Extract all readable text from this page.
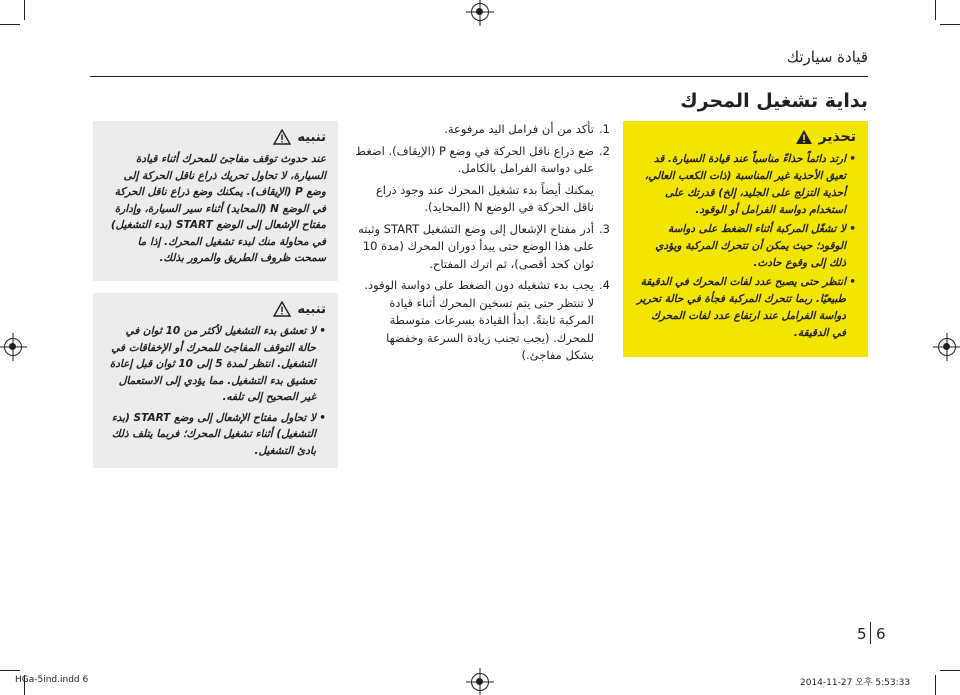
قيادة سيارتك
بداية تشغيل المحرك
تحذير
• ارتد دائماً حذاءً مناسباً عند قيادة السيارة. قد تعيق الأحذية غير المناسبة (ذات الكعب العالي، أحذية التزلج على الجليد، إلخ) قدرتك على استخدام دواسة الفرامل أو الوقود.
• لا تشغّل المركبة أثناء الضغط على دواسة الوقود؛ حيث يمكن أن تتحرك المركبة ويؤدي ذلك إلى وقوع حادث.
• انتظر حتى يصبح عدد لفات المحرك في الدقيقة طبيعيًا. ربما تتحرك المركبة فجأة في حالة تحرير دواسة الفرامل عند ارتفاع عدد لفات المحرك في الدقيقة.
1.
تأكد من أن فرامل اليد مرفوعة.
2.
ضع ذراع ناقل الحركة في وضع P (الإيقاف). اضغط على دواسة الفرامل بالكامل.
يمكنك أيضاً بدء تشغيل المحرك عند وجود ذراع ناقل الحركة في الوضع N (المحايد).
3.
أدر مفتاح الإشعال إلى وضع التشغيل START وثبته على هذا الوضع حتى يبدأ دوران المحرك (مدة 10 ثوان كحد أقصى)، ثم اترك المفتاح.
4.
يجب بدء تشغيله دون الضغط على دواسة الوقود. لا تنتظر حتى يتم تسخين المحرك أثناء قيادة المركبة ثابتةً. ابدأ القيادة بسرعات متوسطة للمحرك. (يجب تجنب زيادة السرعة وخفضها بشكل مفاجئ.)
تنبيه
عند حدوث توقف مفاجئ للمحرك أثناء قيادة السيارة، لا تحاول تحريك ذراع ناقل الحركة إلى وضع P (الإيقاف). يمكنك وضع ذراع ناقل الحركة في الوضع N (المحايد) أثناء سير السيارة، وإدارة مفتاح الإشعال إلى الوضع START (بدء التشغيل) في محاولة منك لبدء تشغيل المحرك. إذا ما سمحت ظروف الطريق والمرور بذلك.
تنبيه
• لا تعشق بدء التشغيل لأكثر من 10 ثوان في حالة التوقف المفاجئ للمحرك أو الإخفاقات في التشغيل. انتظر لمدة 5 إلى 10 ثوان قبل إعادة تعشيق بدء التشغيل. مما يؤدي إلى الاستعمال غير الصحيح إلى تلفه.
• لا تحاول مفتاح الإشعال إلى وضع START (بدء التشغيل) أثناء تشغيل المحرك؛ فربما يتلف ذلك بادئ التشغيل.
5 6
HGa-5ind.indd 6	2014-11-27 오후 5:53:33
